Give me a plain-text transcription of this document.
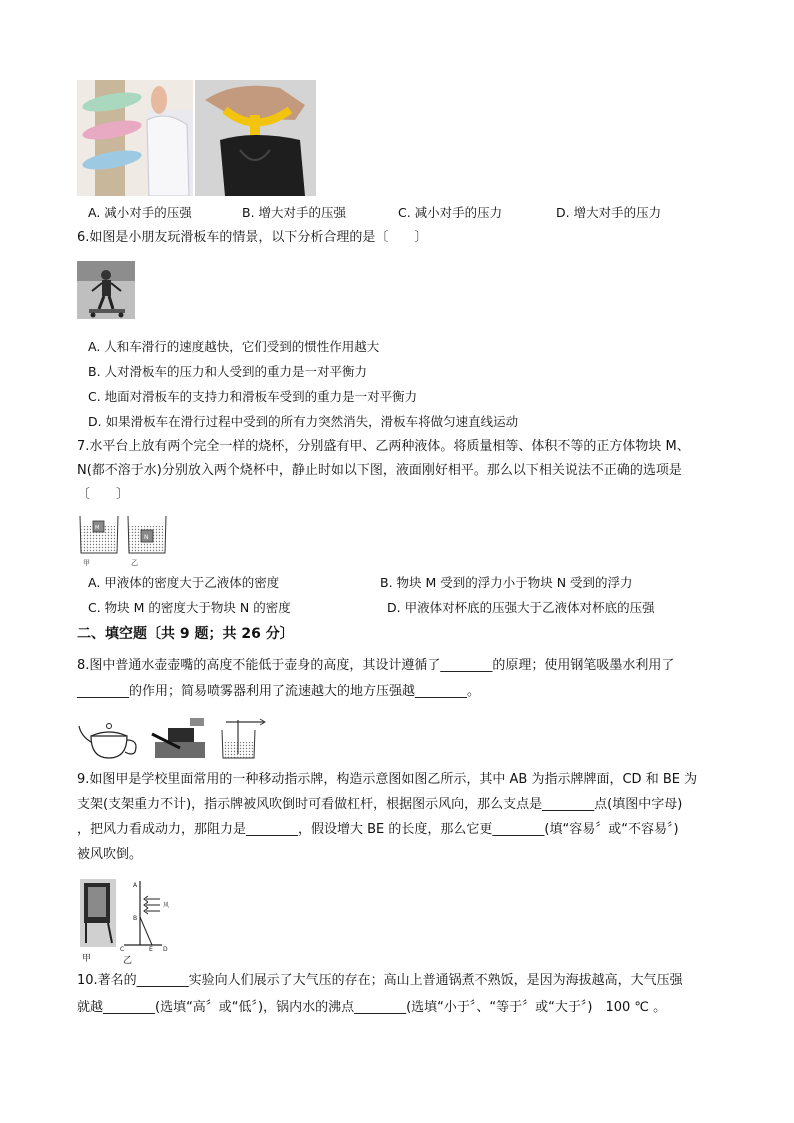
A. 减小对手的压强	B. 增大对手的压强	C. 减小对手的压力	D. 增大对手的压力
6.如图是小朋友玩滑板车的情景，以下分析合理的是〔　　〕
A. 人和车滑行的速度越快，它们受到的惯性作用越大
B. 人对滑板车的压力和人受到的重力是一对平衡力
C. 地面对滑板车的支持力和滑板车受到的重力是一对平衡力
D. 如果滑板车在滑行过程中受到的所有力突然消失，滑板车将做匀速直线运动
7.水平台上放有两个完全一样的烧杯，分别盛有甲、乙两种液体。将质量相等、体积不等的正方体物块 M、
N(都不溶于水)分别放入两个烧杯中，静止时如以下图，液面刚好相平。那么以下相关说法不正确的选项是
〔　　〕
M
N
甲	乙
A. 甲液体的密度大于乙液体的密度	B. 物块 M 受到的浮力小于物块 N 受到的浮力
C. 物块 M 的密度大于物块 N 的密度	D. 甲液体对杯底的压强大于乙液体对杯底的压强
二、填空题〔共 9 题；共 26 分〕
8.图中普通水壶壶嘴的高度不能低于壶身的高度，其设计遵循了________的原理；使用钢笔吸墨水利用了
________的作用；简易喷雾器利用了流速越大的地方压强越________。
9.如图甲是学校里面常用的一种移动指示牌，构造示意图如图乙所示，其中 AB 为指示牌牌面，CD 和 BE 为
支架(支架重力不计)，指示牌被风吹倒时可看做杠杆，根据图示风向，那么支点是________点(填图中字母)
，把风力看成动力，那阻力是________，假设增大 BE 的长度，那么它更________(填“容易〞或“不容易〞)
被风吹倒。
甲
A
B
C	E D
风
乙
10.著名的________实验向人们展示了大气压的存在；高山上普通锅煮不熟饭，是因为海拔越高，大气压强
就越________(选填“高〞或“低〞)，锅内水的沸点________(选填“小于〞、“等于〞或“大于〞)　100 ℃ 。
